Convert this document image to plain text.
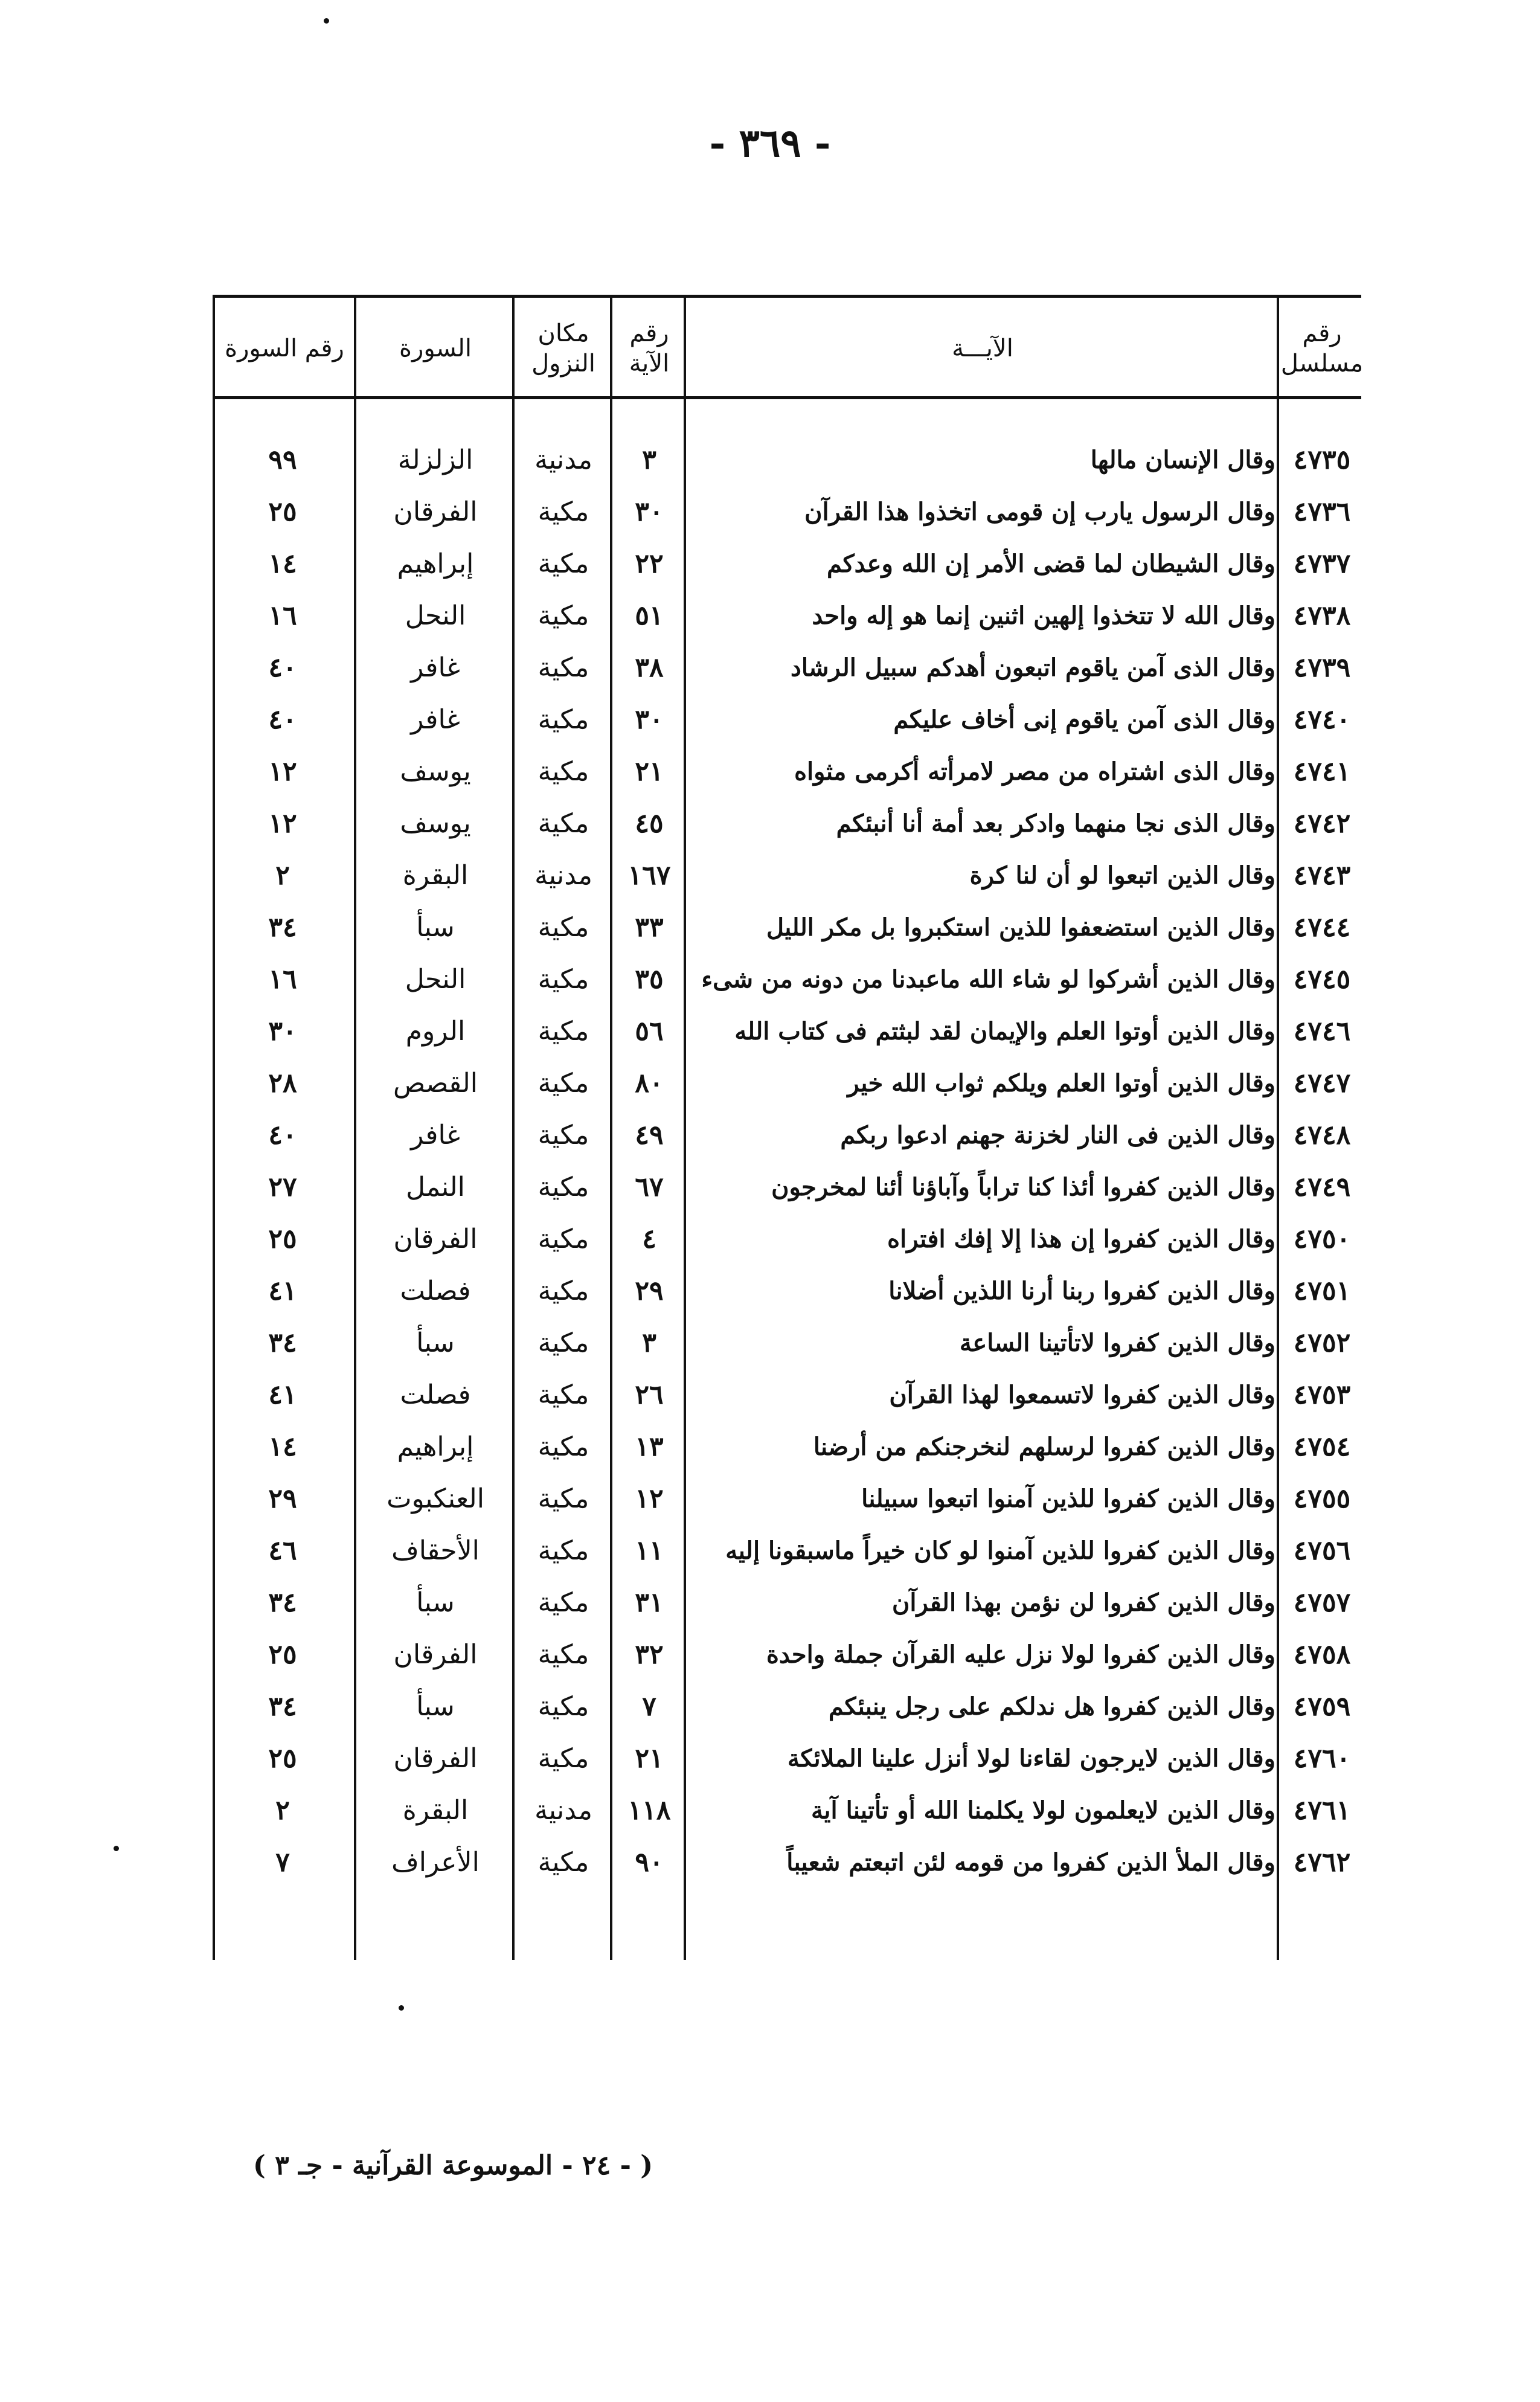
- ٣٦٩ -
رقم مسلسل
الآيـــة
رقم الآية
مكان النزول
السورة
رقم السورة
٤٧٣٥
وقال الإنسان مالها
٣
مدنية
الزلزلة
٩٩
٤٧٣٦
وقال الرسول يارب إن قومى اتخذوا هذا القرآن
٣٠
مكية
الفرقان
٢٥
٤٧٣٧
وقال الشيطان لما قضى الأمر إن الله وعدكم
٢٢
مكية
إبراهيم
١٤
٤٧٣٨
وقال الله لا تتخذوا إلهين اثنين إنما هو إله واحد
٥١
مكية
النحل
١٦
٤٧٣٩
وقال الذى آمن ياقوم اتبعون أهدكم سبيل الرشاد
٣٨
مكية
غافر
٤٠
٤٧٤٠
وقال الذى آمن ياقوم إنى أخاف عليكم
٣٠
مكية
غافر
٤٠
٤٧٤١
وقال الذى اشتراه من مصر لامرأته أكرمى مثواه
٢١
مكية
يوسف
١٢
٤٧٤٢
وقال الذى نجا منهما وادكر بعد أمة أنا أنبئكم
٤٥
مكية
يوسف
١٢
٤٧٤٣
وقال الذين اتبعوا لو أن لنا كرة
١٦٧
مدنية
البقرة
٢
٤٧٤٤
وقال الذين استضعفوا للذين استكبروا بل مكر الليل
٣٣
مكية
سبأ
٣٤
٤٧٤٥
وقال الذين أشركوا لو شاء الله ماعبدنا من دونه من شىء
٣٥
مكية
النحل
١٦
٤٧٤٦
وقال الذين أوتوا العلم والإيمان لقد لبثتم فى كتاب الله
٥٦
مكية
الروم
٣٠
٤٧٤٧
وقال الذين أوتوا العلم ويلكم ثواب الله خير
٨٠
مكية
القصص
٢٨
٤٧٤٨
وقال الذين فى النار لخزنة جهنم ادعوا ربكم
٤٩
مكية
غافر
٤٠
٤٧٤٩
وقال الذين كفروا أئذا كنا تراباً وآباؤنا أئنا لمخرجون
٦٧
مكية
النمل
٢٧
٤٧٥٠
وقال الذين كفروا إن هذا إلا إفك افتراه
٤
مكية
الفرقان
٢٥
٤٧٥١
وقال الذين كفروا ربنا أرنا اللذين أضلانا
٢٩
مكية
فصلت
٤١
٤٧٥٢
وقال الذين كفروا لاتأتينا الساعة
٣
مكية
سبأ
٣٤
٤٧٥٣
وقال الذين كفروا لاتسمعوا لهذا القرآن
٢٦
مكية
فصلت
٤١
٤٧٥٤
وقال الذين كفروا لرسلهم لنخرجنكم من أرضنا
١٣
مكية
إبراهيم
١٤
٤٧٥٥
وقال الذين كفروا للذين آمنوا اتبعوا سبيلنا
١٢
مكية
العنكبوت
٢٩
٤٧٥٦
وقال الذين كفروا للذين آمنوا لو كان خيراً ماسبقونا إليه
١١
مكية
الأحقاف
٤٦
٤٧٥٧
وقال الذين كفروا لن نؤمن بهذا القرآن
٣١
مكية
سبأ
٣٤
٤٧٥٨
وقال الذين كفروا لولا نزل عليه القرآن جملة واحدة
٣٢
مكية
الفرقان
٢٥
٤٧٥٩
وقال الذين كفروا هل ندلكم على رجل ينبئكم
٧
مكية
سبأ
٣٤
٤٧٦٠
وقال الذين لايرجون لقاءنا لولا أنزل علينا الملائكة
٢١
مكية
الفرقان
٢٥
٤٧٦١
وقال الذين لايعلمون لولا يكلمنا الله أو تأتينا آية
١١٨
مدنية
البقرة
٢
٤٧٦٢
وقال الملأ الذين كفروا من قومه لئن اتبعتم شعيباً
٩٠
مكية
الأعراف
٧
( - ٢٤ - الموسوعة القرآنية - جـ ٣ )
